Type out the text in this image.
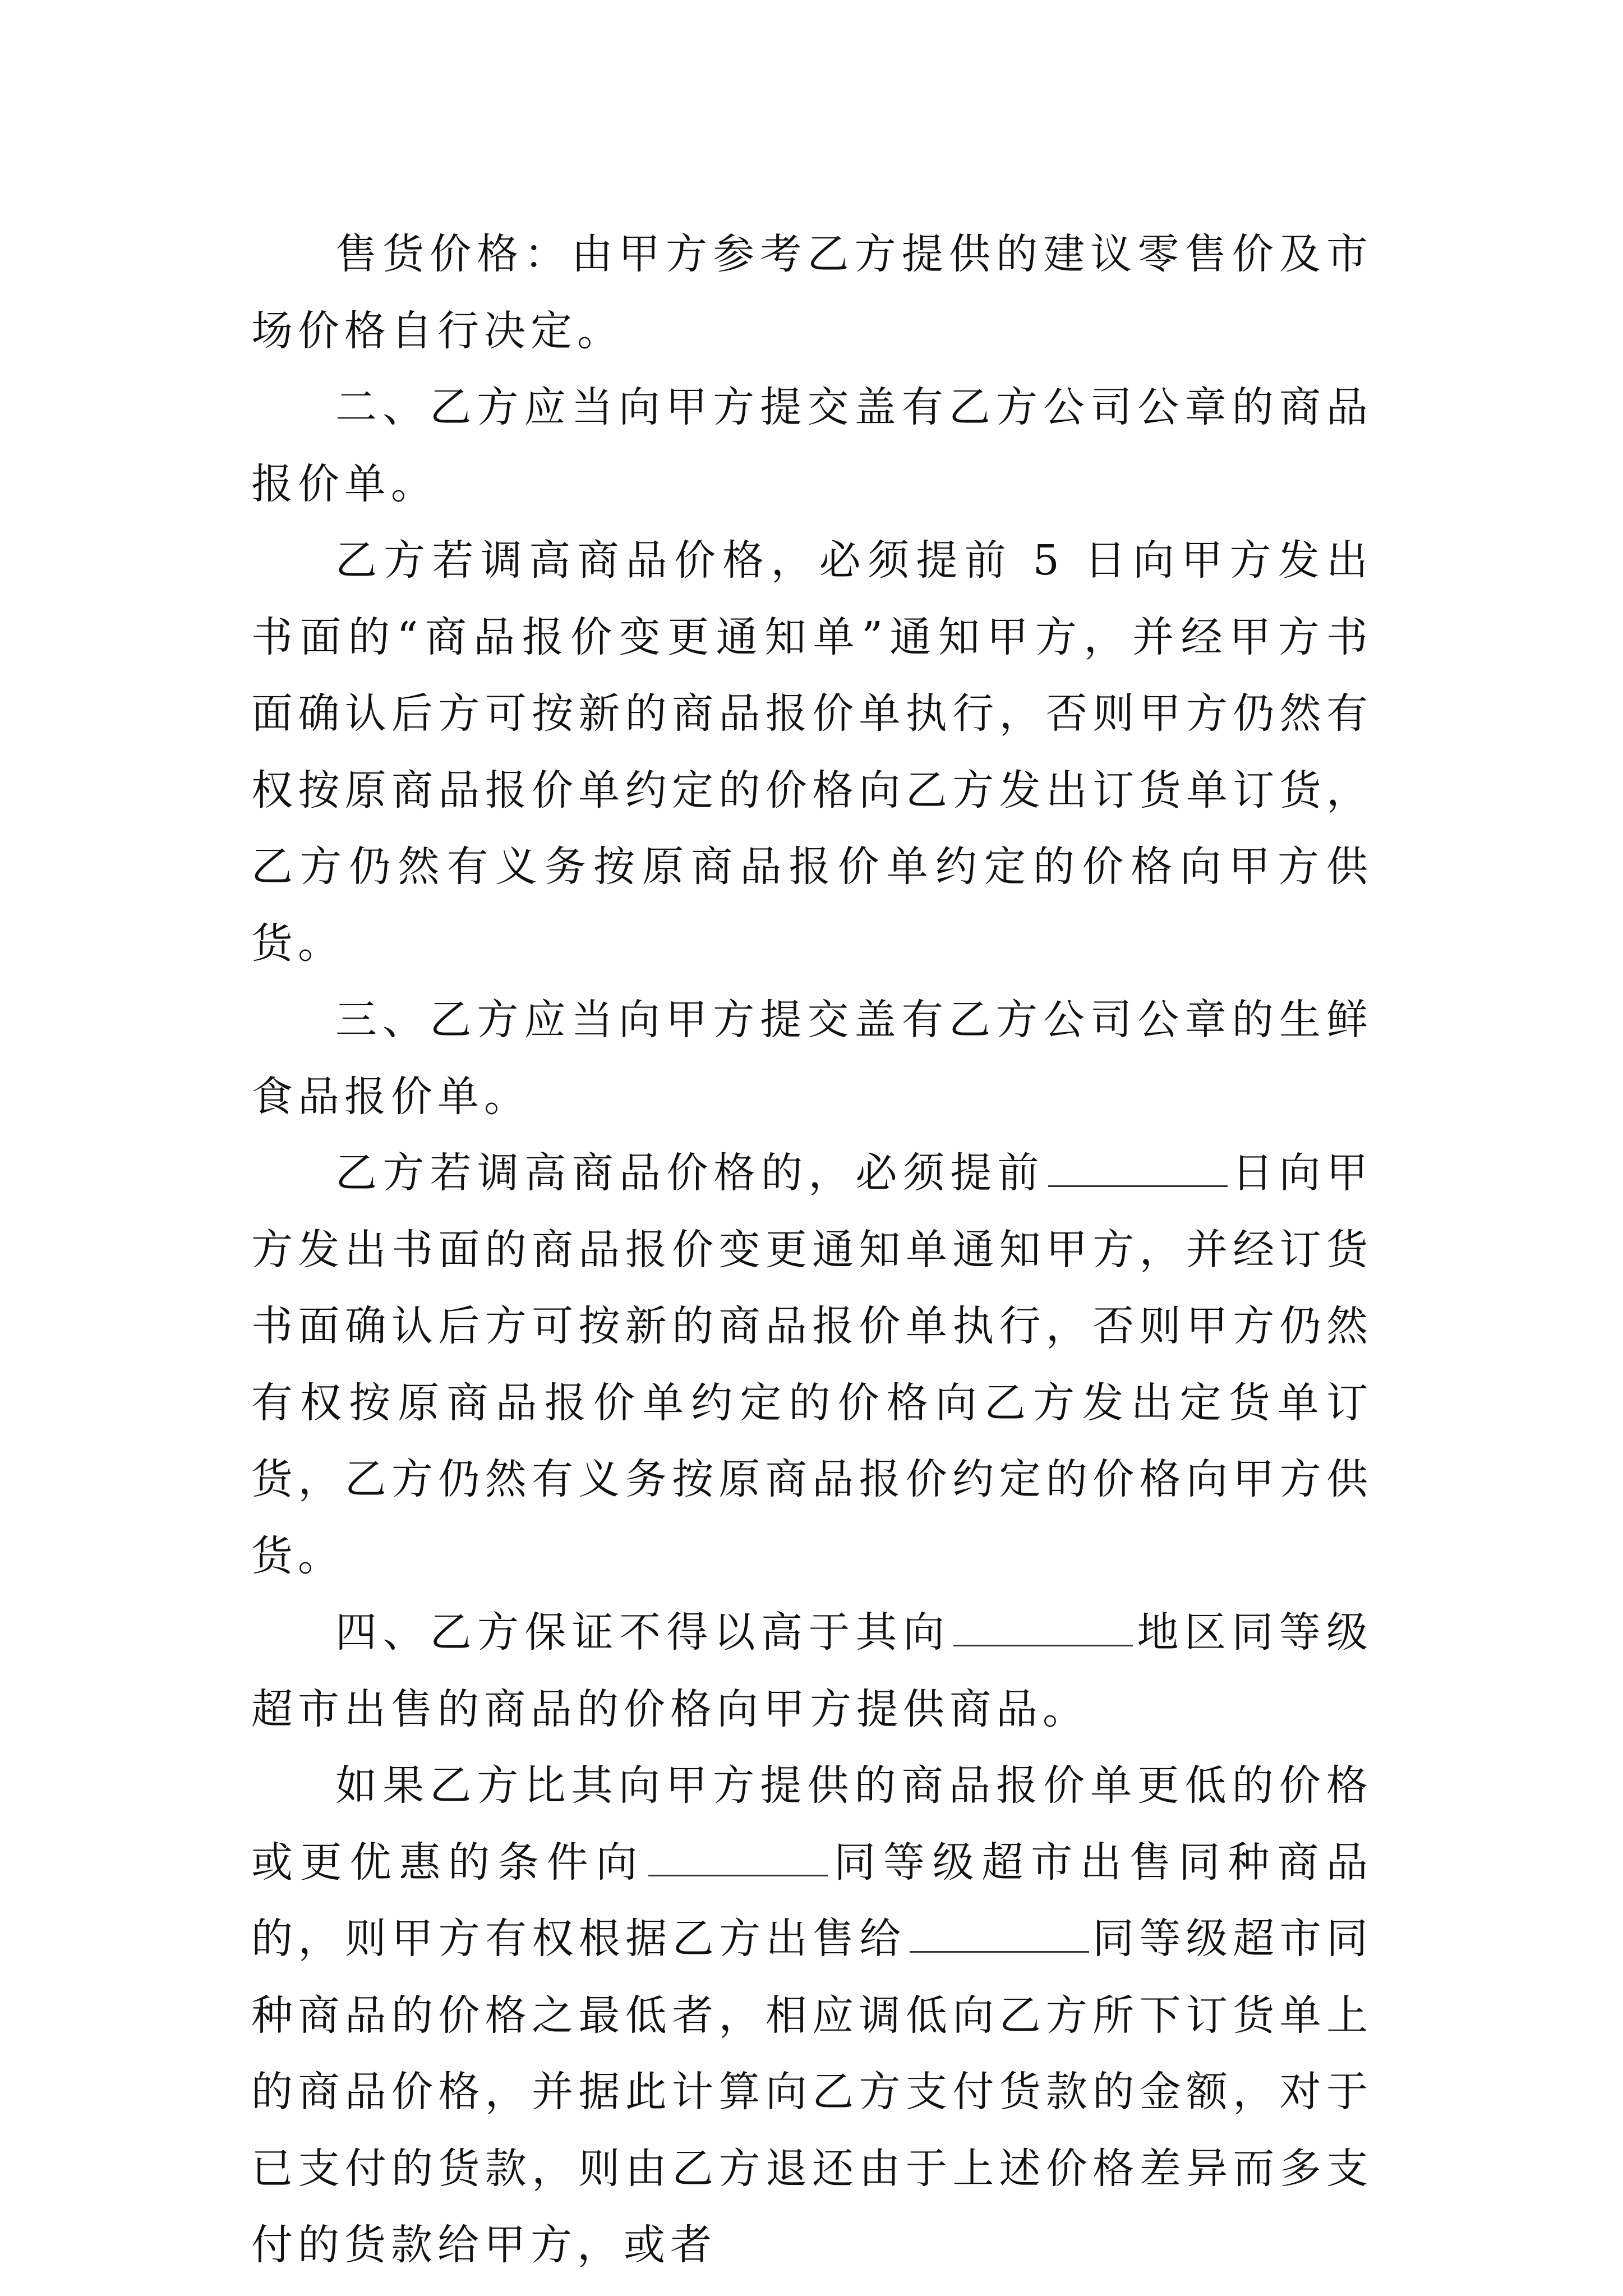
售货价格：由甲方参考乙方提供的建议零售价及市场价格自行决定。

二、乙方应当向甲方提交盖有乙方公司公章的商品报价单。

乙方若调高商品价格，必须提前 5 日向甲方发出书面的“商品报价变更通知单”通知甲方，并经甲方书面确认后方可按新的商品报价单执行，否则甲方仍然有权按原商品报价单约定的价格向乙方发出订货单订货，乙方仍然有义务按原商品报价单约定的价格向甲方供货。

三、乙方应当向甲方提交盖有乙方公司公章的生鲜食品报价单。

乙方若调高商品价格的，必须提前	日向甲方发出书面的商品报价变更通知单通知甲方，并经订货书面确认后方可按新的商品报价单执行，否则甲方仍然有权按原商品报价单约定的价格向乙方发出定货单订货，乙方仍然有义务按原商品报价约定的价格向甲方供货。

四、乙方保证不得以高于其向	地区同等级超市出售的商品的价格向甲方提供商品。

如果乙方比其向甲方提供的商品报价单更低的价格或更优惠的条件向	同等级超市出售同种商品的，则甲方有权根据乙方出售给	同等级超市同种商品的价格之最低者，相应调低向乙方所下订货单上的商品价格，并据此计算向乙方支付货款的金额，对于已支付的货款，则由乙方退还由于上述价格差异而多支付的货款给甲方，或者
